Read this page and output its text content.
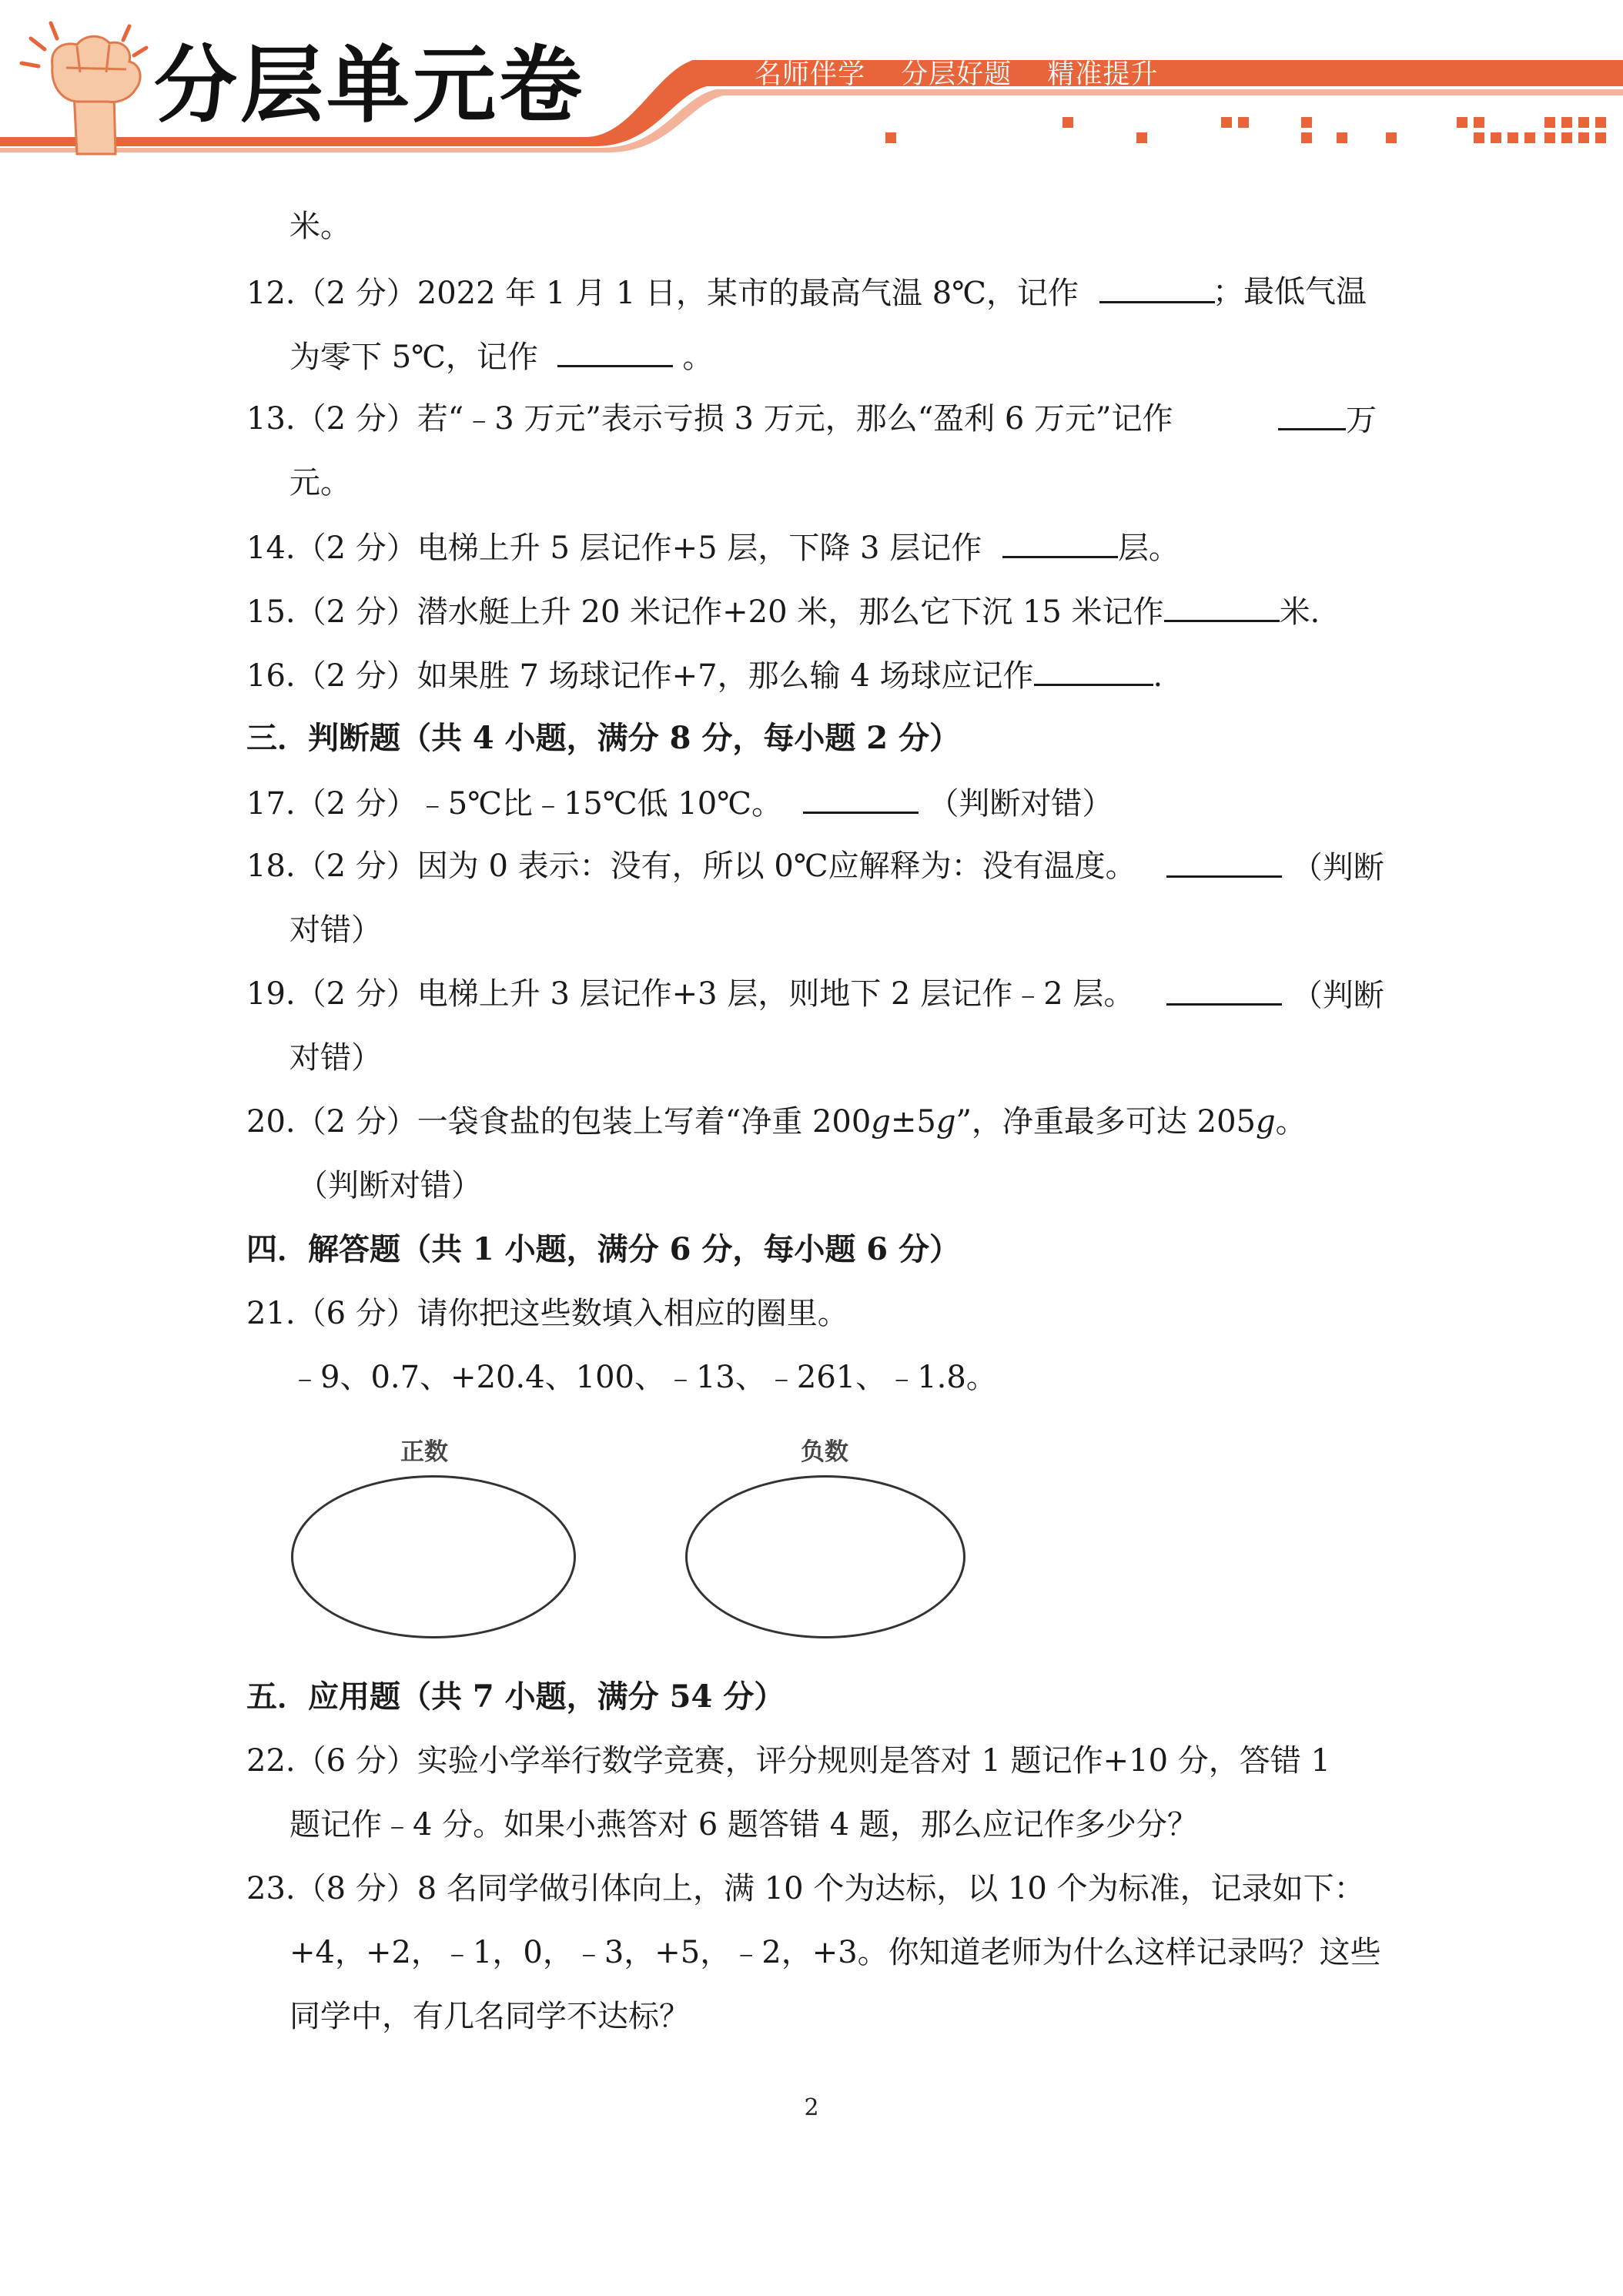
分层单元卷	名师伴学 分层好题 精准提升
米。
12.（2 分）2022 年 1 月 1 日，某市的最高气温 8℃，记作	；最低气温
为零下 5℃，记作	。
13.（2 分）若“﹣3 万元”表示亏损 3 万元，那么“盈利 6 万元”记作	万
元。
14.（2 分）电梯上升 5 层记作+5 层，下降 3 层记作	层。
15.（2 分）潜水艇上升 20 米记作+20 米，那么它下沉 15 米记作	米.
16.（2 分）如果胜 7 场球记作+7，那么输 4 场球应记作	.
三．判断题（共 4 小题，满分 8 分，每小题 2 分）
17.（2 分）﹣5℃比﹣15℃低 10℃。	（判断对错）
18.（2 分）因为 0 表示：没有，所以 0℃应解释为：没有温度。	（判断
对错）
19.（2 分）电梯上升 3 层记作+3 层，则地下 2 层记作﹣2 层。	（判断
对错）
20.（2 分）一袋食盐的包装上写着“净重 200g±5g”，净重最多可达 205g。
（判断对错）
四．解答题（共 1 小题，满分 6 分，每小题 6 分）
21.（6 分）请你把这些数填入相应的圈里。
﹣9、0.7、+20.4、100、﹣13、﹣261、﹣1.8。
正数	负数
五．应用题（共 7 小题，满分 54 分）
22.（6 分）实验小学举行数学竞赛，评分规则是答对 1 题记作+10 分，答错 1
题记作﹣4 分。如果小燕答对 6 题答错 4 题，那么应记作多少分？
23.（8 分）8 名同学做引体向上，满 10 个为达标，以 10 个为标准，记录如下：
+4，+2，﹣1，0，﹣3，+5，﹣2，+3。你知道老师为什么这样记录吗？这些
同学中，有几名同学不达标？
2
